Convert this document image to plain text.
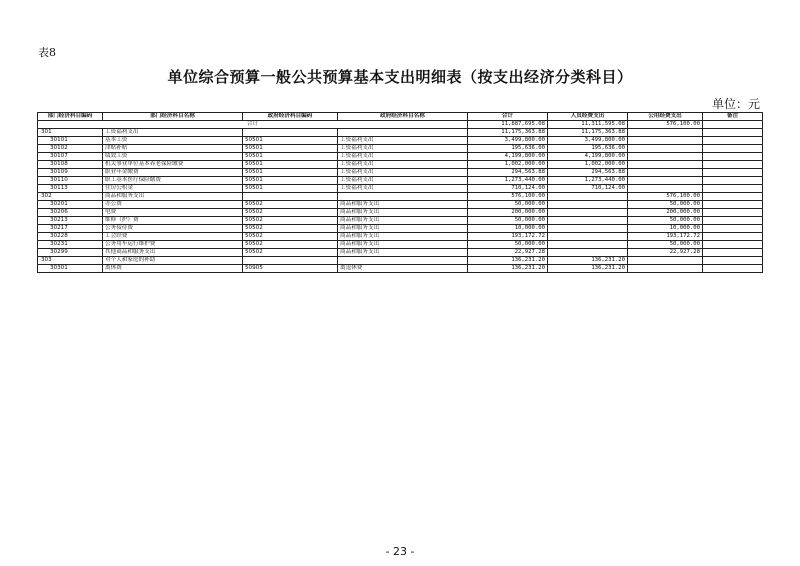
表8
单位综合预算一般公共预算基本支出明细表（按支出经济分类科目）
单位：元
部门经济科目编码	部门经济科目名称	政府经济科目编码	政府经济科目名称	合计	人员经费支出	公用经费支出	备注
合计				11,887,695.08	11,311,595.08	576,100.00	
301	工资福利支出			11,175,363.88	11,175,363.88		
30101	基本工资	50501	工资福利支出	3,499,800.00	3,499,800.00		
30102	津贴补贴	50501	工资福利支出	195,636.00	195,636.00		
30107	绩效工资	50501	工资福利支出	4,199,800.00	4,199,800.00		
30108	机关事业单位基本养老保险缴费	50501	工资福利支出	1,002,000.00	1,002,000.00		
30109	职业年金缴费	50501	工资福利支出	294,563.88	294,563.88		
30110	职工基本医疗保险缴费	50501	工资福利支出	1,273,440.00	1,273,440.00		
30113	住房公积金	50501	工资福利支出	710,124.00	710,124.00		
302	商品和服务支出			576,100.00		576,100.00	
30201	办公费	50502	商品和服务支出	50,000.00		50,000.00	
30206	电费	50502	商品和服务支出	200,000.00		200,000.00	
30213	维修（护）费	50502	商品和服务支出	50,000.00		50,000.00	
30217	公务接待费	50502	商品和服务支出	10,000.00		10,000.00	
30228	工会经费	50502	商品和服务支出	193,172.72		193,172.72	
30231	公务用车运行维护费	50502	商品和服务支出	50,000.00		50,000.00	
30299	其他商品和服务支出	50502	商品和服务支出	22,927.28		22,927.28	
303	对个人和家庭的补助			136,231.20	136,231.20		
30301	离休费	50905	离退休费	136,231.20	136,231.20		
- 23 -
